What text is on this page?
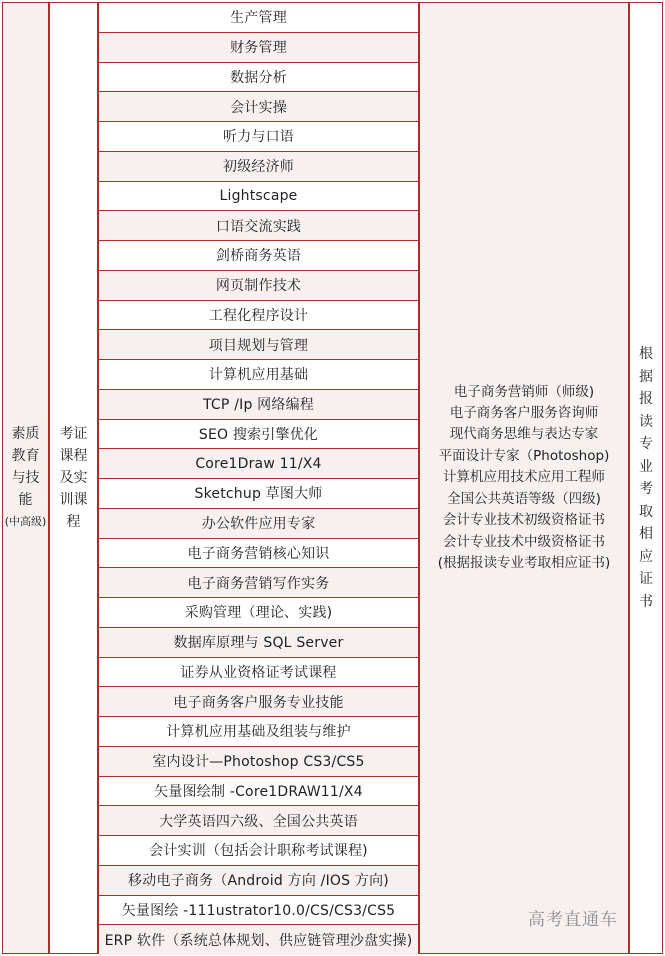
素质
教育
与技
能
(中高级)
考证课程及实训课程
生产管理
财务管理
数据分析
会计实操
听力与口语
初级经济师
Lightscape
口语交流实践
剑桥商务英语
网页制作技术
工程化程序设计
项目规划与管理
计算机应用基础
TCP /Ip 网络编程
SEO 搜索引擎优化
Core1Draw 11/X4
Sketchup 草图大师
办公软件应用专家
电子商务营销核心知识
电子商务营销写作实务
采购管理（理论、实践)
数据库原理与 SQL Server
证券从业资格证考试课程
电子商务客户服务专业技能
计算机应用基础及组装与维护
室内设计—Photoshop CS3/CS5
矢量图绘制 -Core1DRAW11/X4
大学英语四六级、全国公共英语
会计实训（包括会计职称考试课程)
移动电子商务（Android 方向 /IOS 方向)
矢量图绘 -111ustrator10.0/CS/CS3/CS5
ERP 软件（系统总体规划、供应链管理沙盘实操)
电子商务营销师（师级)
电子商务客户服务咨询师
现代商务思维与表达专家
平面设计专家（Photoshop)
计算机应用技术应用工程师
全国公共英语等级（四级)
会计专业技术初级资格证书
会计专业技术中级资格证书
(根据报读专业考取相应证书)
根据报读专业考取相应证书
高考直通车
